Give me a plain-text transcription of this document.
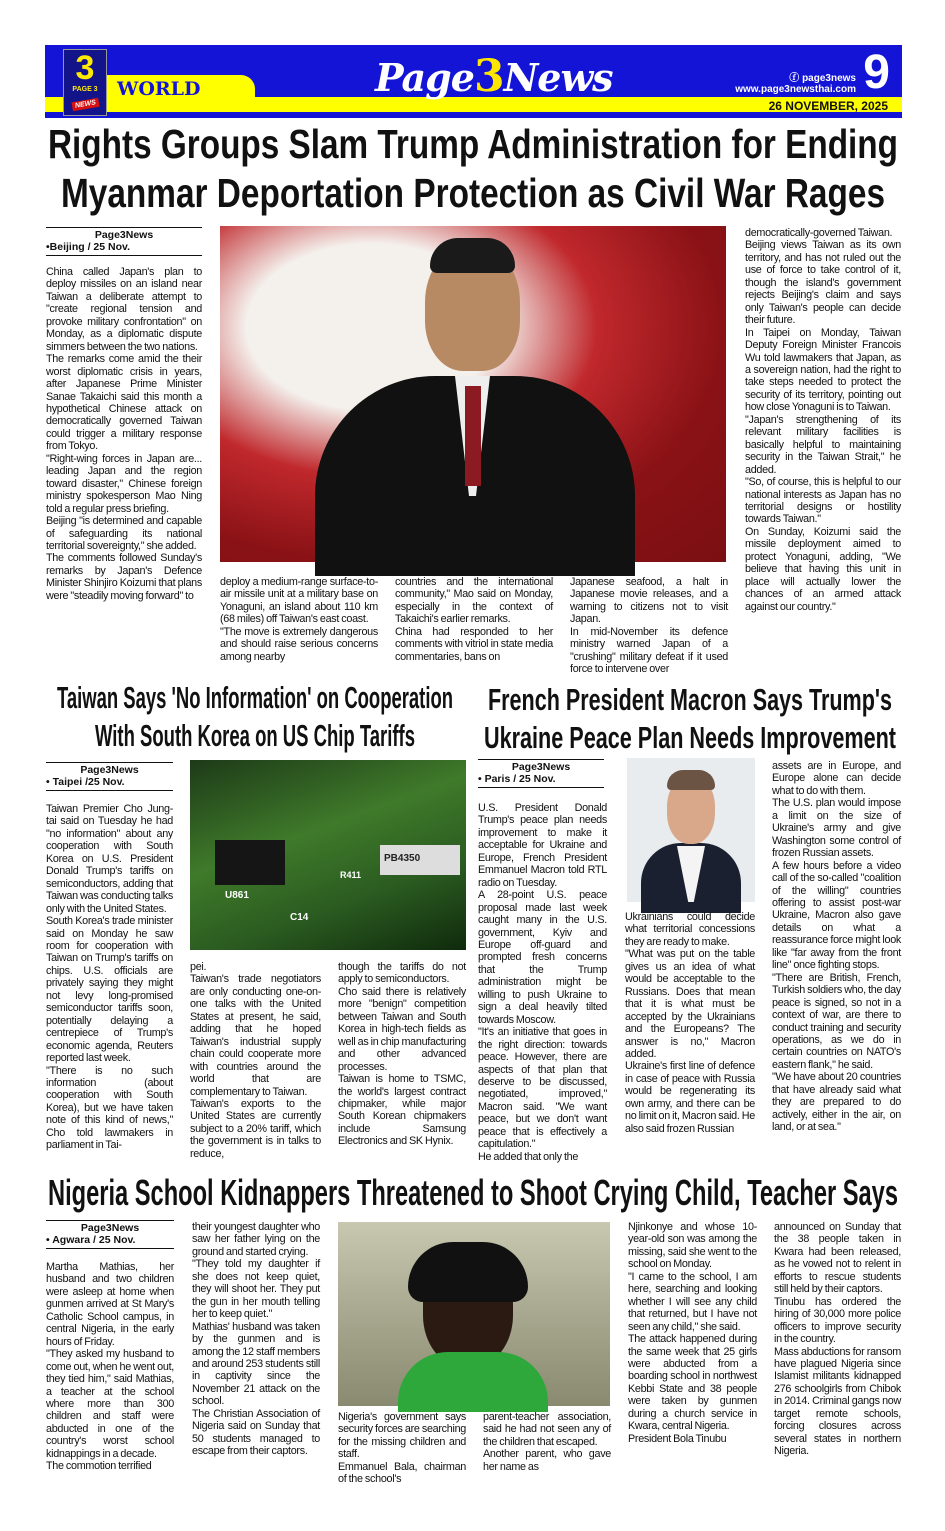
3
PAGE 3
NEWS
WORLD	Page3News	ⓕ page3news
www.page3newsthai.com 9
26 NOVEMBER, 2025
Rights Groups Slam Trump Administration for Ending
Myanmar Deportation Protection as Civil War Rages
Page3News
•Beijing / 25 Nov.

China called Japan's plan to deploy missiles on an island near Taiwan a deliberate attempt to "create regional tension and provoke military confrontation" on Monday, as a diplomatic dispute simmers between the two nations.

The remarks come amid the their worst diplomatic crisis in years, after Japanese Prime Minister Sanae Takaichi said this month a hypothetical Chinese attack on democratically governed Taiwan could trigger a military response from Tokyo.

"Right-wing forces in Japan are... leading Japan and the region toward disaster," Chinese foreign ministry spokesperson Mao Ning told a regular press briefing.

Beijing "is determined and capable of safeguarding its national territorial sovereignty," she added.

The comments followed Sunday's remarks by Japan's Defence Minister Shinjiro Koizumi that plans were "steadily moving forward" to

deploy a medium-range surface-to-air missile unit at a military base on Yonaguni, an island about 110 km (68 miles) off Taiwan's east coast.

"The move is extremely dangerous and should raise serious concerns among nearby

countries and the international community," Mao said on Monday, especially in the context of Takaichi's earlier remarks.

China had responded to her comments with vitriol in state media commentaries, bans on

Japanese seafood, a halt in Japanese movie releases, and a warning to citizens not to visit Japan.

In mid-November its defence ministry warned Japan of a "crushing" military defeat if it used force to intervene over

democratically-governed Taiwan.

Beijing views Taiwan as its own territory, and has not ruled out the use of force to take control of it, though the island's government rejects Beijing's claim and says only Taiwan's people can decide their future.

In Taipei on Monday, Taiwan Deputy Foreign Minister Francois Wu told lawmakers that Japan, as a sovereign nation, had the right to take steps needed to protect the security of its territory, pointing out how close Yonaguni is to Taiwan.

"Japan's strengthening of its relevant military facilities is basically helpful to maintaining security in the Taiwan Strait," he added.

"So, of course, this is helpful to our national interests as Japan has no territorial designs or hostility towards Taiwan."

On Sunday, Koizumi said the missile deployment aimed to protect Yonaguni, adding, "We believe that having this unit in place will actually lower the chances of an armed attack against our country."

Taiwan Says 'No Information' on Cooperation
With South Korea on US Chip Tariffs
Page3News
• Taipei /25 Nov.

Taiwan Premier Cho Jung-tai said on Tuesday he had "no information" about any cooperation with South Korea on U.S. President Donald Trump's tariffs on semiconductors, adding that Taiwan was conducting talks only with the United States.

South Korea's trade minister said on Monday he saw room for cooperation with Taiwan on Trump's tariffs on chips. U.S. officials are privately saying they might not levy long-promised semiconductor tariffs soon, potentially delaying a centrepiece of Trump's economic agenda, Reuters reported last week.

"There is no such information (about cooperation with South Korea), but we have taken note of this kind of news," Cho told lawmakers in parliament in Tai-

PB4350
U861
C14
R411

pei.

Taiwan's trade negotiators are only conducting one-on-one talks with the United States at present, he said, adding that he hoped Taiwan's industrial supply chain could cooperate more with countries around the world that are complementary to Taiwan.

Taiwan's exports to the United States are currently subject to a 20% tariff, which the government is in talks to reduce,

though the tariffs do not apply to semiconductors.

Cho said there is relatively more "benign" competition between Taiwan and South Korea in high-tech fields as well as in chip manufacturing and other advanced processes.

Taiwan is home to TSMC, the world's largest contract chipmaker, while major South Korean chipmakers include Samsung Electronics and SK Hynix.

French President Macron Says Trump's
Ukraine Peace Plan Needs Improvement
Page3News
• Paris / 25 Nov.

U.S. President Donald Trump's peace plan needs improvement to make it acceptable for Ukraine and Europe, French President Emmanuel Macron told RTL radio on Tuesday.

A 28-point U.S. peace proposal made last week caught many in the U.S. government, Kyiv and Europe off-guard and prompted fresh concerns that the Trump administration might be willing to push Ukraine to sign a deal heavily tilted towards Moscow.

"It's an initiative that goes in the right direction: towards peace. However, there are aspects of that plan that deserve to be discussed, negotiated, improved," Macron said. "We want peace, but we don't want peace that is effectively a capitulation."

He added that only the

Ukrainians could decide what territorial concessions they are ready to make.

"What was put on the table gives us an idea of what would be acceptable to the Russians. Does that mean that it is what must be accepted by the Ukrainians and the Europeans? The answer is no," Macron added.

Ukraine's first line of defence in case of peace with Russia would be regenerating its own army, and there can be no limit on it, Macron said. He also said frozen Russian

assets are in Europe, and Europe alone can decide what to do with them.

The U.S. plan would impose a limit on the size of Ukraine's army and give Washington some control of frozen Russian assets.

A few hours before a video call of the so-called "coalition of the willing" countries offering to assist post-war Ukraine, Macron also gave details on what a reassurance force might look like "far away from the front line" once fighting stops.

"There are British, French, Turkish soldiers who, the day peace is signed, so not in a context of war, are there to conduct training and security operations, as we do in certain countries on NATO's eastern flank," he said.

"We have about 20 countries that have already said what they are prepared to do actively, either in the air, on land, or at sea."

Nigeria School Kidnappers Threatened to Shoot Crying Child, Teacher Says
Page3News
• Agwara / 25 Nov.

Martha Mathias, her husband and two children were asleep at home when gunmen arrived at St Mary's Catholic School campus, in central Nigeria, in the early hours of Friday.

"They asked my husband to come out, when he went out, they tied him," said Mathias, a teacher at the school where more than 300 children and staff were abducted in one of the country's worst school kidnappings in a decade.

The commotion terrified

their youngest daughter who saw her father lying on the ground and started crying.

"They told my daughter if she does not keep quiet, they will shoot her. They put the gun in her mouth telling her to keep quiet."

Mathias' husband was taken by the gunmen and is among the 12 staff members and around 253 students still in captivity since the November 21 attack on the school.

The Christian Association of Nigeria said on Sunday that 50 students managed to escape from their captors.

Nigeria's government says security forces are searching for the missing children and staff.

Emmanuel Bala, chairman of the school's

parent-teacher association, said he had not seen any of the children that escaped.

Another parent, who gave her name as

Njinkonye and whose 10-year-old son was among the missing, said she went to the school on Monday.

"I came to the school, I am here, searching and looking whether I will see any child that returned, but I have not seen any child," she said.

The attack happened during the same week that 25 girls were abducted from a boarding school in northwest Kebbi State and 38 people were taken by gunmen during a church service in Kwara, central Nigeria.

President Bola Tinubu

announced on Sunday that the 38 people taken in Kwara had been released, as he vowed not to relent in efforts to rescue students still held by their captors.

Tinubu has ordered the hiring of 30,000 more police officers to improve security in the country.

Mass abductions for ransom have plagued Nigeria since Islamist militants kidnapped 276 schoolgirls from Chibok in 2014. Criminal gangs now target remote schools, forcing closures across several states in northern Nigeria.
